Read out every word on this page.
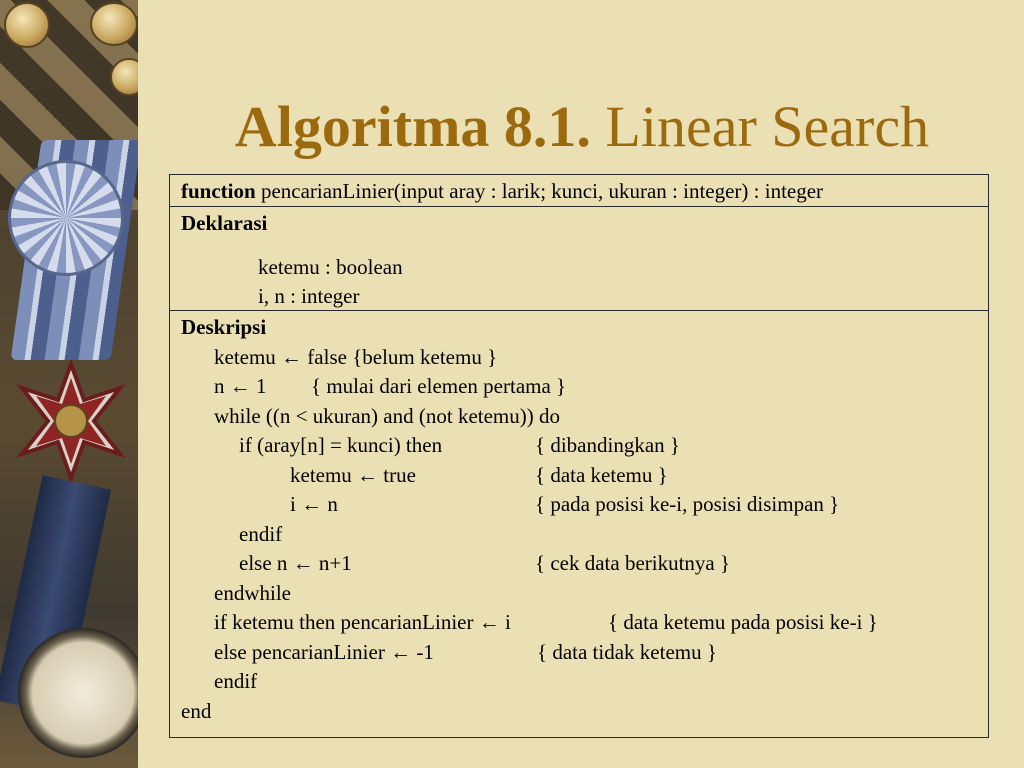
Algoritma 8.1. Linear Search
function pencarianLinier(input aray : larik; kunci, ukuran : integer) : integer
Deklarasi
ketemu : boolean
i, n : integer
Deskripsi
ketemu ← false {belum ketemu }
n ← 1 { mulai dari elemen pertama }
while ((n < ukuran) and (not ketemu)) do
if (aray[n] = kunci) then	{ dibandingkan }
ketemu ← true	{ data ketemu }
i ← n	{ pada posisi ke-i, posisi disimpan }
endif
else n ← n+1	{ cek data berikutnya }
endwhile
if ketemu then pencarianLinier ← i	{ data ketemu pada posisi ke-i }
else pencarianLinier ← -1	{ data tidak ketemu }
endif
end
